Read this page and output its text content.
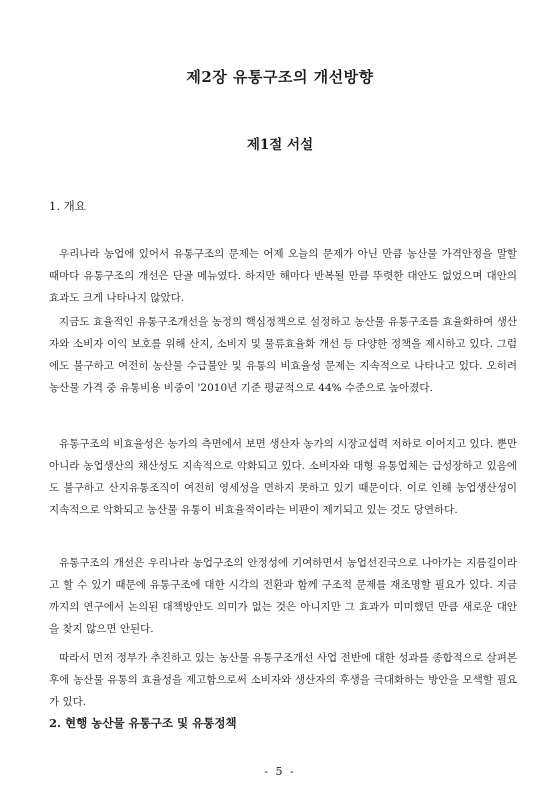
제2장 유통구조의 개선방향
제1절 서설
1. 개요

우리나라 농업에 있어서 유통구조의 문제는 어제 오늘의 문제가 아닌 만큼 농산물 가격안정을 말할 때마다 유통구조의 개선은 단골 메뉴였다. 하지만 해마다 반복될 만큼 뚜렷한 대안도 없었으며 대안의 효과도 크게 나타나지 않았다.

지금도 효율적인 유통구조개선을 농정의 핵심정책으로 설정하고 농산물 유통구조를 효율화하여 생산자와 소비자 이익 보호를 위해 산지, 소비지 및 물류효율화 개선 등 다양한 정책을 제시하고 있다. 그럼에도 불구하고 여전히 농산물 수급불안 및 유통의 비효율성 문제는 지속적으로 나타나고 있다. 오히려 농산물 가격 중 유통비용 비중이 '2010년 기준 평균적으로 44% 수준으로 높아졌다.

유통구조의 비효율성은 농가의 측면에서 보면 생산자 농가의 시장교섭력 저하로 이어지고 있다. 뿐만 아니라 농업생산의 채산성도 지속적으로 악화되고 있다. 소비자와 대형 유통업체는 급성장하고 있음에도 불구하고 산지유통조직이 여전히 영세성을 면하지 못하고 있기 때문이다. 이로 인해 농업생산성이 지속적으로 악화되고 농산물 유통이 비효율적이라는 비판이 제기되고 있는 것도 당연하다.

유통구조의 개선은 우리나라 농업구조의 안정성에 기여하면서 농업선진국으로 나아가는 지름길이라고 할 수 있기 때문에 유통구조에 대한 시각의 전환과 함께 구조적 문제를 재조명할 필요가 있다. 지금까지의 연구에서 논의된 대책방안도 의미가 없는 것은 아니지만 그 효과가 미미했던 만큼 새로운 대안을 찾지 않으면 안된다.

따라서 먼저 정부가 추진하고 있는 농산물 유통구조개선 사업 전반에 대한 성과를 종합적으로 살펴본 후에 농산물 유통의 효율성을 제고함으로써 소비자와 생산자의 후생을 극대화하는 방안을 모색할 필요가 있다.

2. 현행 농산물 유통구조 및 유통정책
- 5 -
